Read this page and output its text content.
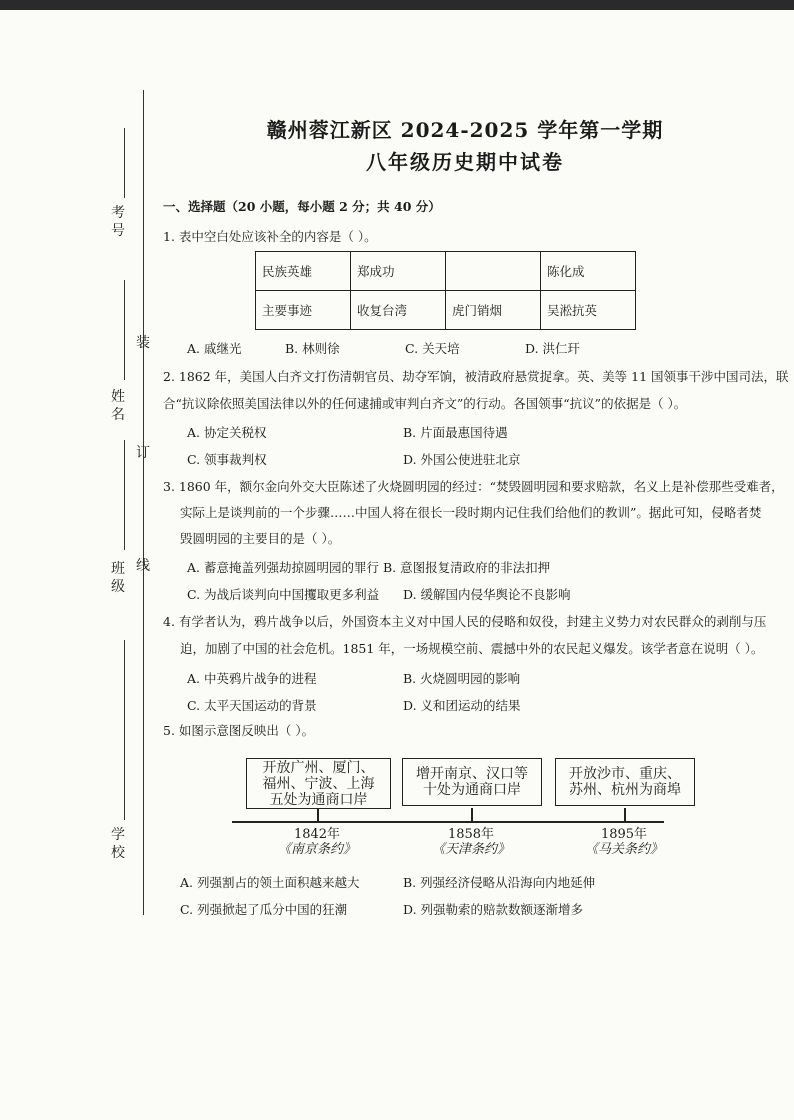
考号
姓名
班级
学校
装
订
线
赣州蓉江新区 2024-2025 学年第一学期
八年级历史期中试卷
一、选择题（20 小题，每小题 2 分；共 40 分）
1. 表中空白处应该补全的内容是（ ）。
民族英雄	郑成功		陈化成
主要事迹	收复台湾	虎门销烟	吴淞抗英
A. 戚继光	B. 林则徐	C. 关天培	D. 洪仁玕
2. 1862 年，美国人白齐文打伤清朝官员、劫夺军饷，被清政府悬赏捉拿。英、美等 11 国领事干涉中国司法，联
合“抗议除依照美国法律以外的任何逮捕或审判白齐文”的行动。各国领事“抗议”的依据是（ ）。
A. 协定关税权	B. 片面最惠国待遇
C. 领事裁判权	D. 外国公使进驻北京
3. 1860 年，额尔金向外交大臣陈述了火烧圆明园的经过：“焚毁圆明园和要求赔款，名义上是补偿那些受难者，
实际上是谈判前的一个步骤……中国人将在很长一段时期内记住我们给他们的教训”。据此可知，侵略者焚
毁圆明园的主要目的是（ ）。
A. 蓄意掩盖列强劫掠圆明园的罪行 B. 意图报复清政府的非法扣押
C. 为战后谈判向中国攫取更多利益 D. 缓解国内侵华舆论不良影响
4. 有学者认为，鸦片战争以后，外国资本主义对中国人民的侵略和奴役，封建主义势力对农民群众的剥削与压
迫，加剧了中国的社会危机。1851 年，一场规模空前、震撼中外的农民起义爆发。该学者意在说明（ ）。
A. 中英鸦片战争的进程	B. 火烧圆明园的影响
C. 太平天国运动的背景	D. 义和团运动的结果
5. 如图示意图反映出（ ）。
开放广州、厦门、
福州、宁波、上海
五处为通商口岸
增开南京、汉口等
十处为通商口岸
开放沙市、重庆、
苏州、杭州为商埠
1842年	1858年	1895年
《南京条约》	《天津条约》	《马关条约》
A. 列强割占的领土面积越来越大	B. 列强经济侵略从沿海向内地延伸
C. 列强掀起了瓜分中国的狂潮	D. 列强勒索的赔款数额逐渐增多
